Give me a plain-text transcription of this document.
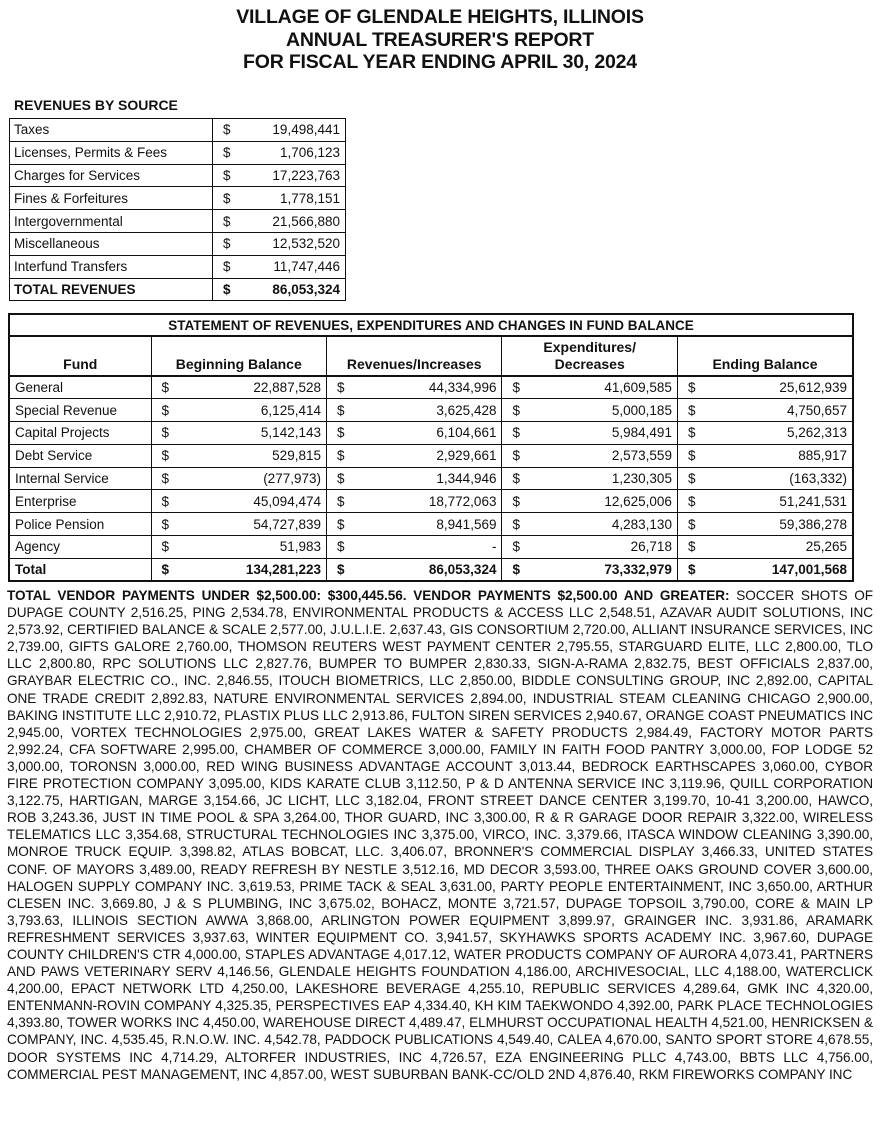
VILLAGE OF GLENDALE HEIGHTS, ILLINOIS
ANNUAL TREASURER'S REPORT
FOR FISCAL YEAR ENDING APRIL 30, 2024
REVENUES BY SOURCE
Taxes	$	19,498,441
Licenses, Permits & Fees	$	1,706,123
Charges for Services	$	17,223,763
Fines & Forfeitures	$	1,778,151
Intergovernmental	$	21,566,880
Miscellaneous	$	12,532,520
Interfund Transfers	$	11,747,446
TOTAL REVENUES	$	86,053,324
STATEMENT OF REVENUES, EXPENDITURES AND CHANGES IN FUND BALANCE								
Fund	Beginning Balance		Revenues/Increases		Expenditures/
Decreases		Ending Balance	
General	$	22,887,528	$	44,334,996	$	41,609,585	$	25,612,939
Special Revenue	$	6,125,414	$	3,625,428	$	5,000,185	$	4,750,657
Capital Projects	$	5,142,143	$	6,104,661	$	5,984,491	$	5,262,313
Debt Service	$	529,815	$	2,929,661	$	2,573,559	$	885,917
Internal Service	$	(277,973)	$	1,344,946	$	1,230,305	$	(163,332)
Enterprise	$	45,094,474	$	18,772,063	$	12,625,006	$	51,241,531
Police Pension	$	54,727,839	$	8,941,569	$	4,283,130	$	59,386,278
Agency	$	51,983	$	-	$	26,718	$	25,265
Total	$	134,281,223	$	86,053,324	$	73,332,979	$	147,001,568
TOTAL VENDOR PAYMENTS UNDER $2,500.00: $300,445.56. VENDOR PAYMENTS $2,500.00 AND GREATER: SOCCER SHOTS OF DUPAGE COUNTY 2,516.25, PING 2,534.78, ENVIRONMENTAL PRODUCTS & ACCESS LLC 2,548.51, AZAVAR AUDIT SOLUTIONS, INC 2,573.92, CERTIFIED BALANCE & SCALE 2,577.00, J.U.L.I.E. 2,637.43, GIS CONSORTIUM 2,720.00, ALLIANT INSURANCE SERVICES, INC 2,739.00, GIFTS GALORE 2,760.00, THOMSON REUTERS WEST PAYMENT CENTER 2,795.55, STARGUARD ELITE, LLC 2,800.00, TLO LLC 2,800.80, RPC SOLUTIONS LLC 2,827.76, BUMPER TO BUMPER 2,830.33, SIGN-A-RAMA 2,832.75, BEST OFFICIALS 2,837.00, GRAYBAR ELECTRIC CO., INC. 2,846.55, ITOUCH BIOMETRICS, LLC 2,850.00, BIDDLE CONSULTING GROUP, INC 2,892.00, CAPITAL ONE TRADE CREDIT 2,892.83, NATURE ENVIRONMENTAL SERVICES 2,894.00, INDUSTRIAL STEAM CLEANING CHICAGO 2,900.00, BAKING INSTITUTE LLC 2,910.72, PLASTIX PLUS LLC 2,913.86, FULTON SIREN SERVICES 2,940.67, ORANGE COAST PNEUMATICS INC 2,945.00, VORTEX TECHNOLOGIES 2,975.00, GREAT LAKES WATER & SAFETY PRODUCTS 2,984.49, FACTORY MOTOR PARTS 2,992.24, CFA SOFTWARE 2,995.00, CHAMBER OF COMMERCE 3,000.00, FAMILY IN FAITH FOOD PANTRY 3,000.00, FOP LODGE 52 3,000.00, TORONSN 3,000.00, RED WING BUSINESS ADVANTAGE ACCOUNT 3,013.44, BEDROCK EARTHSCAPES 3,060.00, CYBOR FIRE PROTECTION COMPANY 3,095.00, KIDS KARATE CLUB 3,112.50, P & D ANTENNA SERVICE INC 3,119.96, QUILL CORPORATION 3,122.75, HARTIGAN, MARGE 3,154.66, JC LICHT, LLC 3,182.04, FRONT STREET DANCE CENTER 3,199.70, 10-41 3,200.00, HAWCO, ROB 3,243.36, JUST IN TIME POOL & SPA 3,264.00, THOR GUARD, INC 3,300.00, R & R GARAGE DOOR REPAIR 3,322.00, WIRELESS TELEMATICS LLC 3,354.68, STRUCTURAL TECHNOLOGIES INC 3,375.00, VIRCO, INC. 3,379.66, ITASCA WINDOW CLEANING 3,390.00, MONROE TRUCK EQUIP. 3,398.82, ATLAS BOBCAT, LLC. 3,406.07, BRONNER'S COMMERCIAL DISPLAY 3,466.33, UNITED STATES CONF. OF MAYORS 3,489.00, READY REFRESH BY NESTLE 3,512.16, MD DECOR 3,593.00, THREE OAKS GROUND COVER 3,600.00, HALOGEN SUPPLY COMPANY INC. 3,619.53, PRIME TACK & SEAL 3,631.00, PARTY PEOPLE ENTERTAINMENT, INC 3,650.00, ARTHUR CLESEN INC. 3,669.80, J & S PLUMBING, INC 3,675.02, BOHACZ, MONTE 3,721.57, DUPAGE TOPSOIL 3,790.00, CORE & MAIN LP 3,793.63, ILLINOIS SECTION AWWA 3,868.00, ARLINGTON POWER EQUIPMENT 3,899.97, GRAINGER INC. 3,931.86, ARAMARK REFRESHMENT SERVICES 3,937.63, WINTER EQUIPMENT CO. 3,941.57, SKYHAWKS SPORTS ACADEMY INC. 3,967.60, DUPAGE COUNTY CHILDREN'S CTR 4,000.00, STAPLES ADVANTAGE 4,017.12, WATER PRODUCTS COMPANY OF AURORA 4,073.41, PARTNERS AND PAWS VETERINARY SERV 4,146.56, GLENDALE HEIGHTS FOUNDATION 4,186.00, ARCHIVESOCIAL, LLC 4,188.00, WATERCLICK 4,200.00, EPACT NETWORK LTD 4,250.00, LAKESHORE BEVERAGE 4,255.10, REPUBLIC SERVICES 4,289.64, GMK INC 4,320.00, ENTENMANN-ROVIN COMPANY 4,325.35, PERSPECTIVES EAP 4,334.40, KH KIM TAEKWONDO 4,392.00, PARK PLACE TECHNOLOGIES 4,393.80, TOWER WORKS INC 4,450.00, WAREHOUSE DIRECT 4,489.47, ELMHURST OCCUPATIONAL HEALTH 4,521.00, HENRICKSEN & COMPANY, INC. 4,535.45, R.N.O.W. INC. 4,542.78, PADDOCK PUBLICATIONS 4,549.40, CALEA 4,670.00, SANTO SPORT STORE 4,678.55, DOOR SYSTEMS INC 4,714.29, ALTORFER INDUSTRIES, INC 4,726.57, EZA ENGINEERING PLLC 4,743.00, BBTS LLC 4,756.00, COMMERCIAL PEST MANAGEMENT, INC 4,857.00, WEST SUBURBAN BANK-CC/OLD 2ND 4,876.40, RKM FIREWORKS COMPANY INC
